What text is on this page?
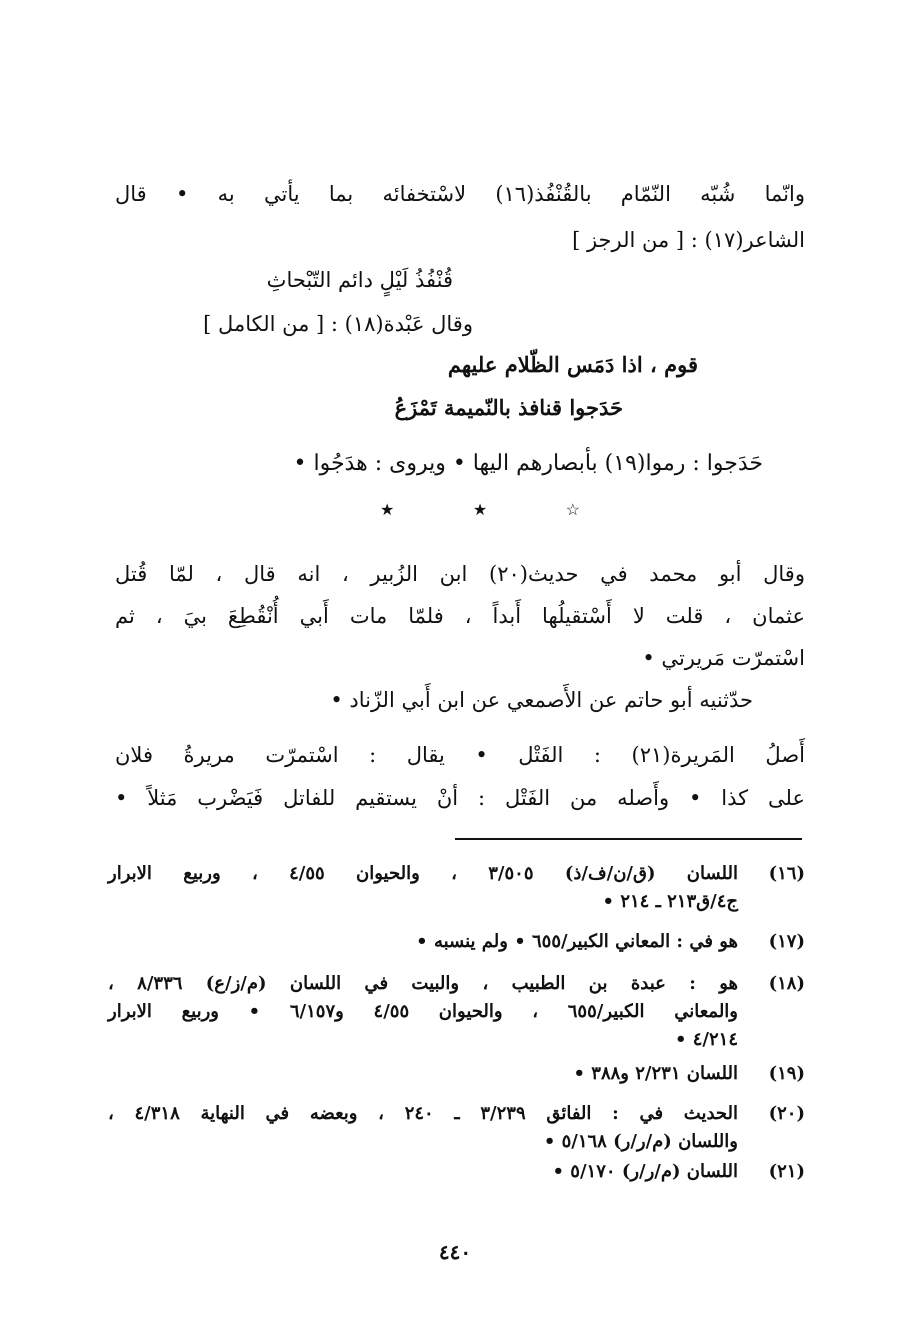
وانّما شُبّه النّمّام بالقُنْفُذ(١٦) لاسْتخفائه بما يأتي به • قال
الشاعر(١٧) : [ من الرجز ]
قُنْفُذُ لَيْلٍ دائم التّبْحاثِ
وقال عَبْدة(١٨) : [ من الكامل ]
قوم ، اذا دَمَس الظّلام عليهم
حَدَجوا قنافذ بالنّميمة تَمْزَعُ
حَدَجوا : رموا(١٩) بأبصارهم اليها • ويروى : هدَجُوا •
★	★	☆
وقال أبو محمد في حديث(٢٠) ابن الزُبير ، انه قال ، لمّا قُتل
عثمان ، قلت لا أَسْتقيلُها أَبداً ، فلمّا مات أَبي أُنْقُطِعَ بيَ ، ثم
اسْتمرّت مَريرتي •
حدّثنيه أبو حاتم عن الأَصمعي عن ابن أَبي الزّناد •
أَصلُ المَريرة(٢١) : الفَتْل • يقال : اسْتمرّت مريرةُ فلان
على كذا • وأَصله من الفَتْل : أنْ يستقيم للفاتل فَيَضْرب مَثلاً •
(١٦)
اللسان (ق/ن/ف/ذ) ٣/٥٠٥ ، والحيوان ٤/٥٥ ، وربيع الابرار
ج٤/ق٢١٣ ـ ٢١٤ •
(١٧)
هو في : المعاني الكبير/٦٥٥ • ولم ينسبه •
(١٨)
هو : عبدة بن الطبيب ، والبيت في اللسان (م/ز/ع) ٨/٣٣٦ ،
والمعاني الكبير/٦٥٥ ، والحيوان ٤/٥٥ و٦/١٥٧ • وربيع الابرار
٤/٢١٤ •
(١٩)
اللسان ٢/٢٣١ و٣٨٨ •
(٢٠)
الحديث في : الفائق ٣/٢٣٩ ـ ٢٤٠ ، وبعضه في النهاية ٤/٣١٨ ،
واللسان (م/ر/ر) ٥/١٦٨ •
(٢١)
اللسان (م/ر/ر) ٥/١٧٠ •
٤٤٠
